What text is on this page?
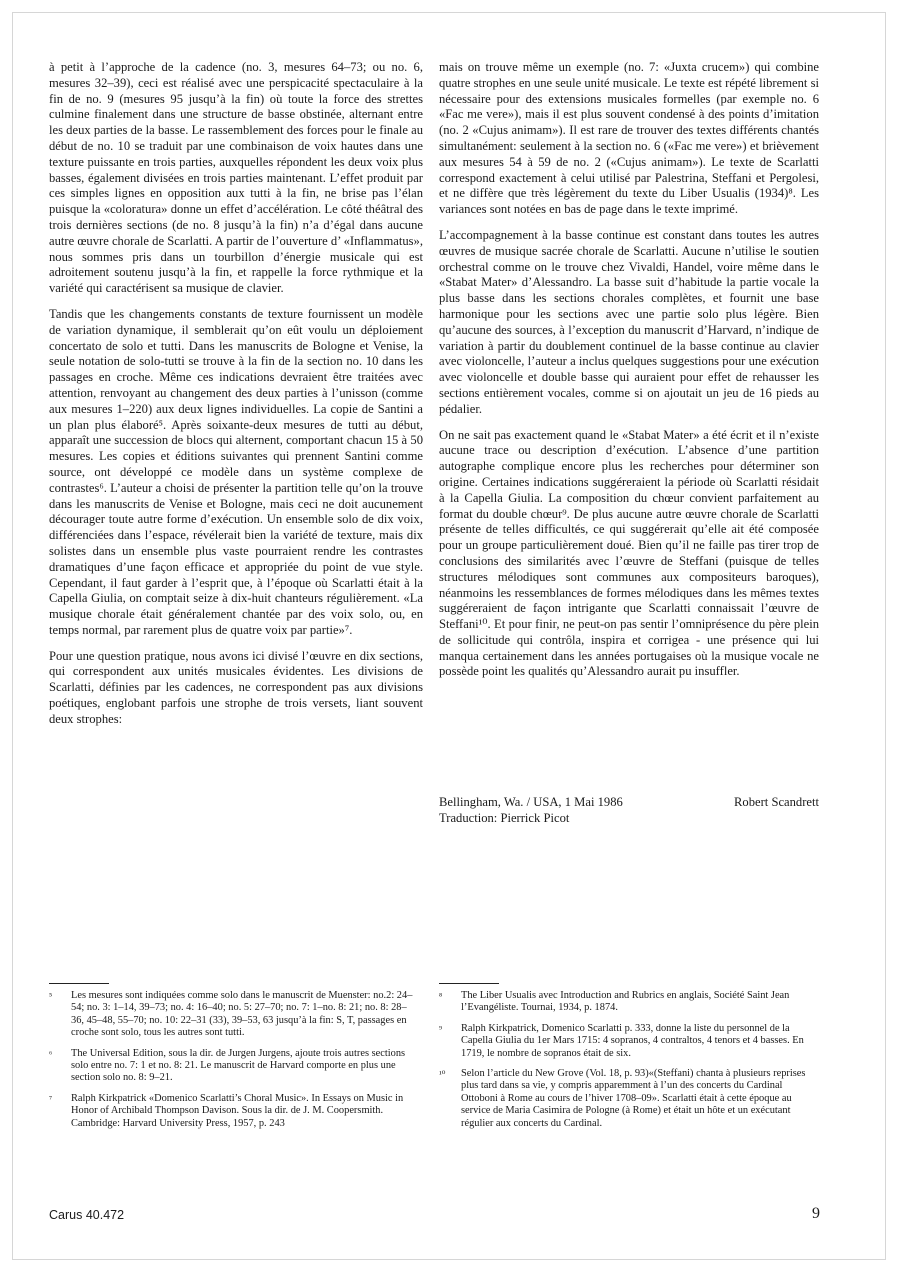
à petit à l’approche de la cadence (no. 3, mesures 64–73; ou no. 6, mesures 32–39), ceci est réalisé avec une perspicacité spectaculaire à la fin de no. 9 (mesures 95 jusqu’à la fin) où toute la force des strettes culmine finalement dans une structure de basse obstinée, alternant entre les deux parties de la basse. Le rassemblement des forces pour le finale au début de no. 10 se traduit par une combinaison de voix hautes dans une texture puissante en trois parties, auxquelles répondent les deux voix plus basses, également divisées en trois parties maintenant. L’effet produit par ces simples lignes en opposition aux tutti à la fin, ne brise pas l’élan puisque la «coloratura» donne un effet d’accélération. Le côté théâtral des trois dernières sections (de no. 8 jusqu’à la fin) n’a d’égal dans aucune autre œuvre chorale de Scarlatti. A partir de l’ouverture d’ «Inflammatus», nous sommes pris dans un tourbillon d’énergie musicale qui est adroitement soutenu jusqu’à la fin, et rappelle la force rythmique et la variété qui caractérisent sa musique de clavier.

Tandis que les changements constants de texture fournissent un modèle de variation dynamique, il semblerait qu’on eût voulu un déploiement concertato de solo et tutti. Dans les manuscrits de Bologne et Venise, la seule notation de solo-tutti se trouve à la fin de la section no. 10 dans les passages en croche. Même ces indications devraient être traitées avec attention, renvoyant au changement des deux parties à l’unisson (comme aux mesures 1–220) aux deux lignes individuelles. La copie de Santini a un plan plus élaboré⁵. Après soixante-deux mesures de tutti au début, apparaît une succession de blocs qui alternent, comportant chacun 15 à 50 mesures. Les copies et éditions suivantes qui prennent Santini comme source, ont développé ce modèle dans un système complexe de contrastes⁶. L’auteur a choisi de présenter la partition telle qu’on la trouve dans les manuscrits de Venise et Bologne, mais ceci ne doit aucunement décourager toute autre forme d’exécution. Un ensemble solo de dix voix, différenciées dans l’espace, révélerait bien la variété de texture, mais dix solistes dans un ensemble plus vaste pourraient rendre les contrastes dramatiques d’une façon efficace et appropriée du point de vue style. Cependant, il faut garder à l’esprit que, à l’époque où Scarlatti était à la Capella Giulia, on comptait seize à dix-huit chanteurs régulièrement. «La musique chorale était généralement chantée par des voix solo, ou, en temps normal, par rarement plus de quatre voix par partie»⁷.

Pour une question pratique, nous avons ici divisé l’œuvre en dix sections, qui correspondent aux unités musicales évidentes. Les divisions de Scarlatti, définies par les cadences, ne correspondent pas aux divisions poétiques, englobant parfois une strophe de trois versets, liant souvent deux strophes:

mais on trouve même un exemple (no. 7: «Juxta crucem») qui combine quatre strophes en une seule unité musicale. Le texte est répété librement si nécessaire pour des extensions musicales formelles (par exemple no. 6 «Fac me vere»), mais il est plus souvent condensé à des points d’imitation (no. 2 «Cujus animam»). Il est rare de trouver des textes différents chantés simultanément: seulement à la section no. 6 («Fac me vere») et brièvement aux mesures 54 à 59 de no. 2 («Cujus animam»). Le texte de Scarlatti correspond exactement à celui utilisé par Palestrina, Steffani et Pergolesi, et ne diffère que très légèrement du texte du Liber Usualis (1934)⁸. Les variances sont notées en bas de page dans le texte imprimé.

L’accompagnement à la basse continue est constant dans toutes les autres œuvres de musique sacrée chorale de Scarlatti. Aucune n’utilise le soutien orchestral comme on le trouve chez Vivaldi, Handel, voire même dans le «Stabat Mater» d’Alessandro. La basse suit d’habitude la partie vocale la plus basse dans les sections chorales complètes, et fournit une base harmonique pour les sections avec une partie solo plus légère. Bien qu’aucune des sources, à l’exception du manuscrit d’Harvard, n’indique de variation à partir du doublement continuel de la basse continue au clavier avec violoncelle, l’auteur a inclus quelques suggestions pour une exécution avec violoncelle et double basse qui auraient pour effet de rehausser les sections entièrement vocales, comme si on ajoutait un jeu de 16 pieds au pédalier.

On ne sait pas exactement quand le «Stabat Mater» a été écrit et il n’existe aucune trace ou description d’exécution. L’absence d’une partition autographe complique encore plus les recherches pour déterminer son origine. Certaines indications suggéreraient la période où Scarlatti résidait à la Capella Giulia. La composition du chœur convient parfaitement au format du double chœur⁹. De plus aucune autre œuvre chorale de Scarlatti présente de telles difficultés, ce qui suggérerait qu’elle ait été composée pour un groupe particulièrement doué. Bien qu’il ne faille pas tirer trop de conclusions des similarités avec l’œuvre de Steffani (puisque de telles structures mélodiques sont communes aux compositeurs baroques), néanmoins les ressemblances de formes mélodiques dans les mêmes textes suggéreraient de façon intrigante que Scarlatti connaissait l’œuvre de Steffani¹⁰. Et pour finir, ne peut-on pas sentir l’omniprésence du père plein de sollicitude qui contrôla, inspira et corrigea - une présence qui lui manqua certainement dans les années portugaises où la musique vocale ne possède point les qualités qu’Alessandro aurait pu insuffler.

Bellingham, Wa. / USA, 1 Mai 1986	Robert Scandrett
Traduction: Pierrick Picot
⁵	Les mesures sont indiquées comme solo dans le manuscrit de Muenster: no.2: 24–54; no. 3: 1–14, 39–73; no. 4: 16–40; no. 5: 27–70; no. 7: 1–no. 8: 21; no. 8: 28–36, 45–48, 55–70; no. 10: 22–31 (33), 39–53, 63 jusqu’à la fin: S, T, passages en croche sont solo, tous les autres sont tutti.
⁶	The Universal Edition, sous la dir. de Jurgen Jurgens, ajoute trois autres sections solo entre no. 7: 1 et no. 8: 21. Le manuscrit de Harvard comporte en plus une section solo no. 8: 9–21.
⁷	Ralph Kirkpatrick «Domenico Scarlatti’s Choral Music». In Essays on Music in Honor of Archibald Thompson Davison. Sous la dir. de J. M. Coopersmith. Cambridge: Harvard University Press, 1957, p. 243
⁸	The Liber Usualis avec Introduction and Rubrics en anglais, Société Saint Jean l’Evangéliste. Tournai, 1934, p. 1874.
⁹	Ralph Kirkpatrick, Domenico Scarlatti p. 333, donne la liste du personnel de la Capella Giulia du 1er Mars 1715: 4 sopranos, 4 contraltos, 4 tenors et 4 basses. En 1719, le nombre de sopranos était de six.
¹⁰	Selon l’article du New Grove (Vol. 18, p. 93)«(Steffani) chanta à plusieurs reprises plus tard dans sa vie, y compris apparemment à l’un des concerts du Cardinal Ottoboni à Rome au cours de l’hiver 1708–09». Scarlatti était à cette époque au service de Maria Casimira de Pologne (à Rome) et était un hôte et un exécutant régulier aux concerts du Cardinal.
Carus 40.472	9
